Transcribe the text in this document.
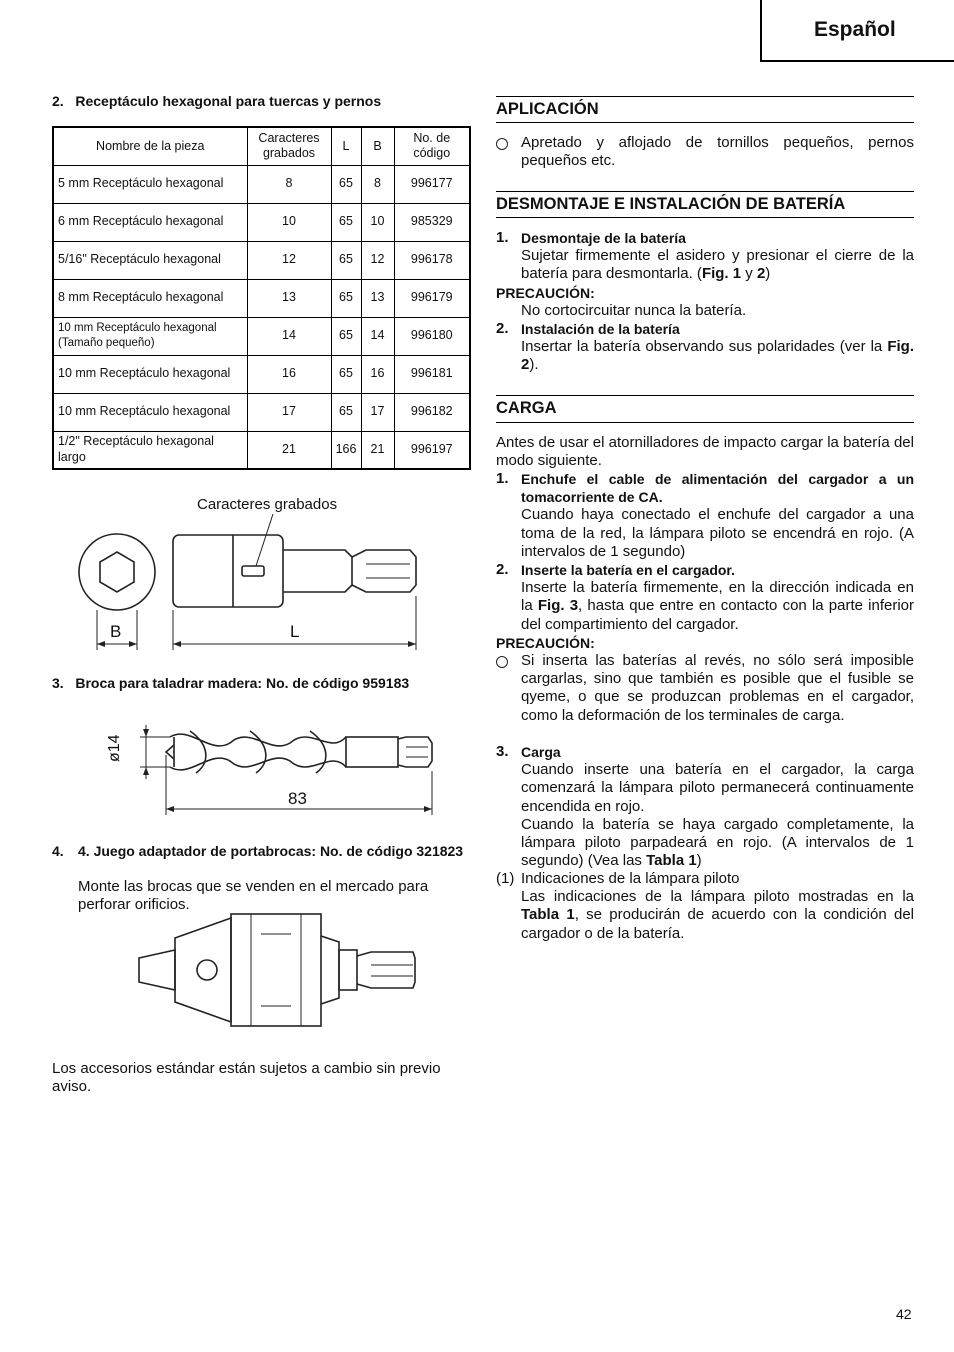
Español
2.   Receptáculo hexagonal para tuercas y pernos
Nombre de la pieza	Caracteres grabados	L	B	No. de código
5 mm Receptáculo hexagonal	8	65	8	996177
6 mm Receptáculo hexagonal	10	65	10	985329
5/16" Receptáculo hexagonal	12	65	12	996178
8 mm Receptáculo hexagonal	13	65	13	996179
10 mm Receptáculo hexagonal (Tamaño pequeño)	14	65	14	996180
10 mm Receptáculo hexagonal	16	65	16	996181
10 mm Receptáculo hexagonal	17	65	17	996182
1/2" Receptáculo hexagonal largo	21	166	21	996197
Caracteres grabados
B	L
3.   Broca para taladrar madera: No. de código 959183
ø14
83
4. 4. Juego adaptador de portabrocas: No. de código 321823
Monte las brocas que se venden en el mercado para perforar orificios.
Los accesorios estándar están sujetos a cambio sin previo aviso.
APLICACIÓN
Apretado y aflojado de tornillos pequeños, pernos pequeños etc.
DESMONTAJE E INSTALACIÓN DE BATERÍA
1. Desmontaje de la batería
Sujetar firmemente el asidero y presionar el cierre de la batería para desmontarla. (Fig. 1 y 2)
PRECAUCIÓN:
No cortocircuitar nunca la batería.
2. Instalación de la batería
Insertar la batería observando sus polaridades (ver la Fig. 2).
CARGA
Antes de usar el atornilladores de impacto cargar la batería del modo siguiente.
1. Enchufe el cable de alimentación del cargador a un tomacorriente de CA.
Cuando haya conectado el enchufe del cargador a una toma de la red, la lámpara piloto se encendrá en rojo. (A intervalos de 1 segundo)
2. Inserte la batería en el cargador.
Inserte la batería firmemente, en la dirección indicada en la Fig. 3, hasta que entre en contacto con la parte inferior del compartimiento del cargador.
PRECAUCIÓN:
Si inserta las baterías al revés, no sólo será imposible cargarlas, sino que también es posible que el fusible se qyeme, o que se produzcan problemas en el cargador, como la deformación de los terminales de carga.
3. Carga
Cuando inserte una batería en el cargador, la carga comenzará la lámpara piloto permanecerá continuamente encendida en rojo.
Cuando la batería se haya cargado completamente, la lámpara piloto parpadeará en rojo. (A intervalos de 1 segundo) (Vea las Tabla 1)
(1) Indicaciones de la lámpara piloto
Las indicaciones de la lámpara piloto mostradas en la Tabla 1, se producirán de acuerdo con la condición del cargador o de la batería.
42
